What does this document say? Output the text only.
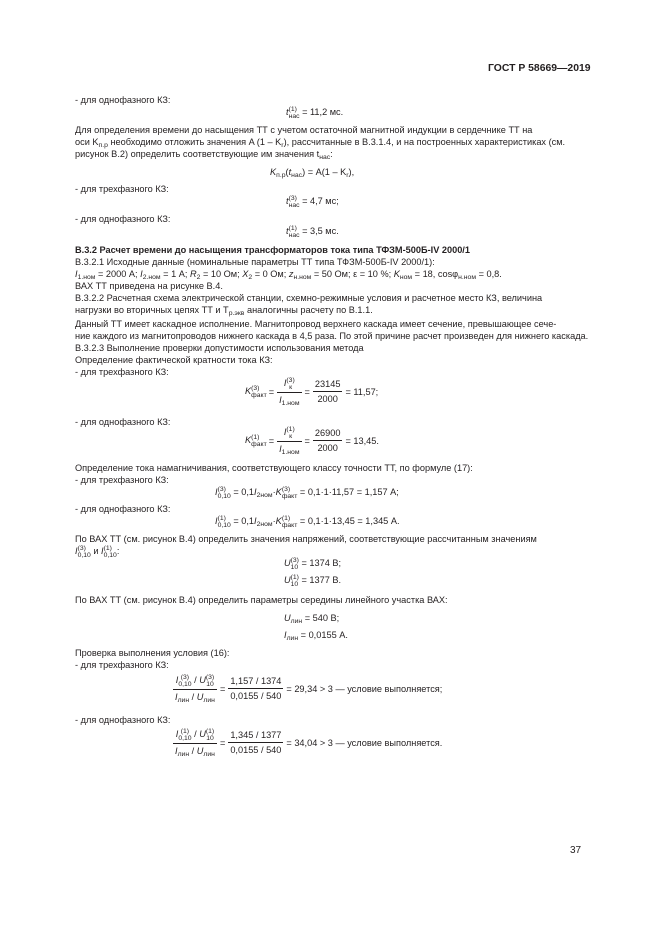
ГОСТ Р 58669—2019
- для однофазного КЗ:
t (1)
нас = 11,2 мс.
Для определения времени до насыщения ТТ с учетом остаточной магнитной индукции в сердечнике ТТ на
оси $K_{п.р}$ необходимо отложить значения A $(1 - K_r)$, рассчитанные в В.3.1.4, и на построенных характеристиках (см.
рисунок В.2) определить соответствующие им значения $t_{нас}$:
$K_{п.р}(t_{нас}) = A(1 - K_r)$,
- для трехфазного КЗ:
t (3)
нас = 4,7 мс;
- для однофазного КЗ:
t (1)
нас = 3,5 мс.
В.3.2 Расчет времени до насыщения трансформаторов тока типа ТФЗМ-500Б-IV 2000/1
В.3.2.1 Исходные данные (номинальные параметры ТТ типа ТФЗМ-500Б-IV 2000/1):
$I_{1.ном} = 2000$ А; $I_{2.ном} = 1$ А; $R_2 = 10$ Ом; $X_2 = 0$ Ом; $z_{н.ном} = 50$ Ом; ε = 10 %; $K_{ном} = 18$, cosφ$_{н.ном}$ = 0,8.
ВАХ ТТ приведена на рисунке В.4.
В.3.2.2 Расчетная схема электрической станции, схемно-режимные условия и расчетное место КЗ, величина
нагрузки во вторичных цепях ТТ и $T_{р.экв}$ аналогичны расчету по В.1.1.
Данный ТТ имеет каскадное исполнение. Магнитопровод верхнего каскада имеет сечение, превышающее сече-
ние каждого из магнитопроводов нижнего каскада в 4,5 раза. По этой причине расчет произведен для нижнего каскада.
В.3.2.3 Выполнение проверки допустимости использования метода
Определение фактической кратности тока КЗ:
- для трехфазного КЗ:
K (3)
факт =
I (3)
к
$I_{1.ном}$
= $\frac{23145}{2000} = 11,57$;
- для однофазного КЗ:
K (1)
факт =
I (1)
к
$I_{1.ном}$
= $\frac{26900}{2000} = 13,45$.
Определение тока намагничивания, соответствующего классу точности ТТ, по формуле (17):
- для трехфазного КЗ:
I (3)
$0,10 = 0,1I_{2ном}\cdot K$ (3)
факт = 0,1·1·11,57 = 1,157 А;
- для однофазного КЗ:
I (1)
$0,10 = 0,1I_{2ном}\cdot K$ (1)
факт = 0,1·1·13,45 = 1,345 А.
По ВАХ ТТ (см. рисунок В.4) определить значения напряжений, соответствующие рассчитанным значениям
I (3)
0,10 и I (1)
0,10 :
U (3)
10 = 1374 В;
U (1)
10 = 1377 В.
По ВАХ ТТ (см. рисунок В.4) определить параметры середины линейного участка ВАХ:
$U_{лин} = 540$ В;
$I_{лин} = 0,0155$ А.
Проверка выполнения условия (16):
- для трехфазного КЗ:
I (3)
0,10 / U (3)
10
$I_{лин} / U_{лин}$
= $\frac{1,157 / 1374}{0,0155 / 540} = 29,34 > 3$ — условие выполняется;
- для однофазного КЗ:
I (1)
0,10 / U (1)
10
$I_{лин} / U_{лин}$
= $\frac{1,345 / 1377}{0,0155 / 540} = 34,04 > 3$ — условие выполняется.
37
